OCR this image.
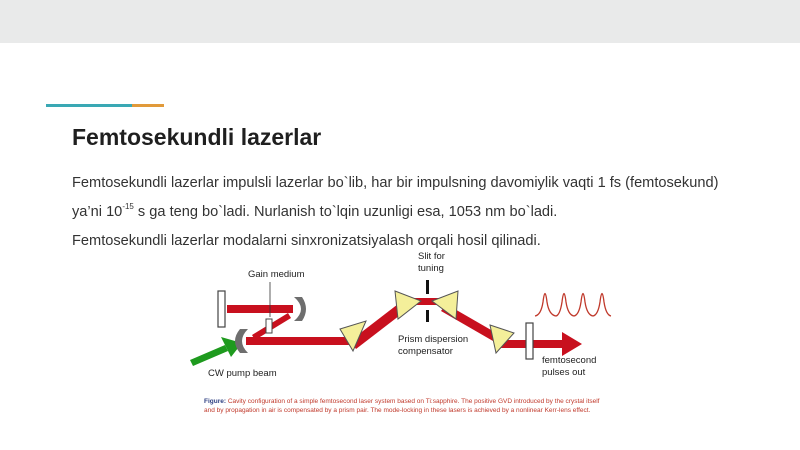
Femtosekundli lazerlar
Femtosekundli lazerlar impulsli lazerlar bo`lib, har bir impulsning davomiylik vaqti 1 fs (femtosekund) ya’ni $10^{-15}$ s ga teng bo`ladi. Nurlanish to`lqin uzunligi esa, 1053 nm bo`ladi.
Femtosekundli lazerlar modalarni sinxronizatsiyalash orqali hosil qilinadi.
Gain medium
Slit for
tuning
Prism dispersion
compensator
CW pump beam
femtosecond
pulses out
Figure: Cavity configuration of a simple femtosecond laser system based on Ti:sapphire. The positive GVD introduced by the crystal itself and by propagation in air is compensated by a prism pair. The mode-locking in these lasers is achieved by a nonlinear Kerr-lens effect.
